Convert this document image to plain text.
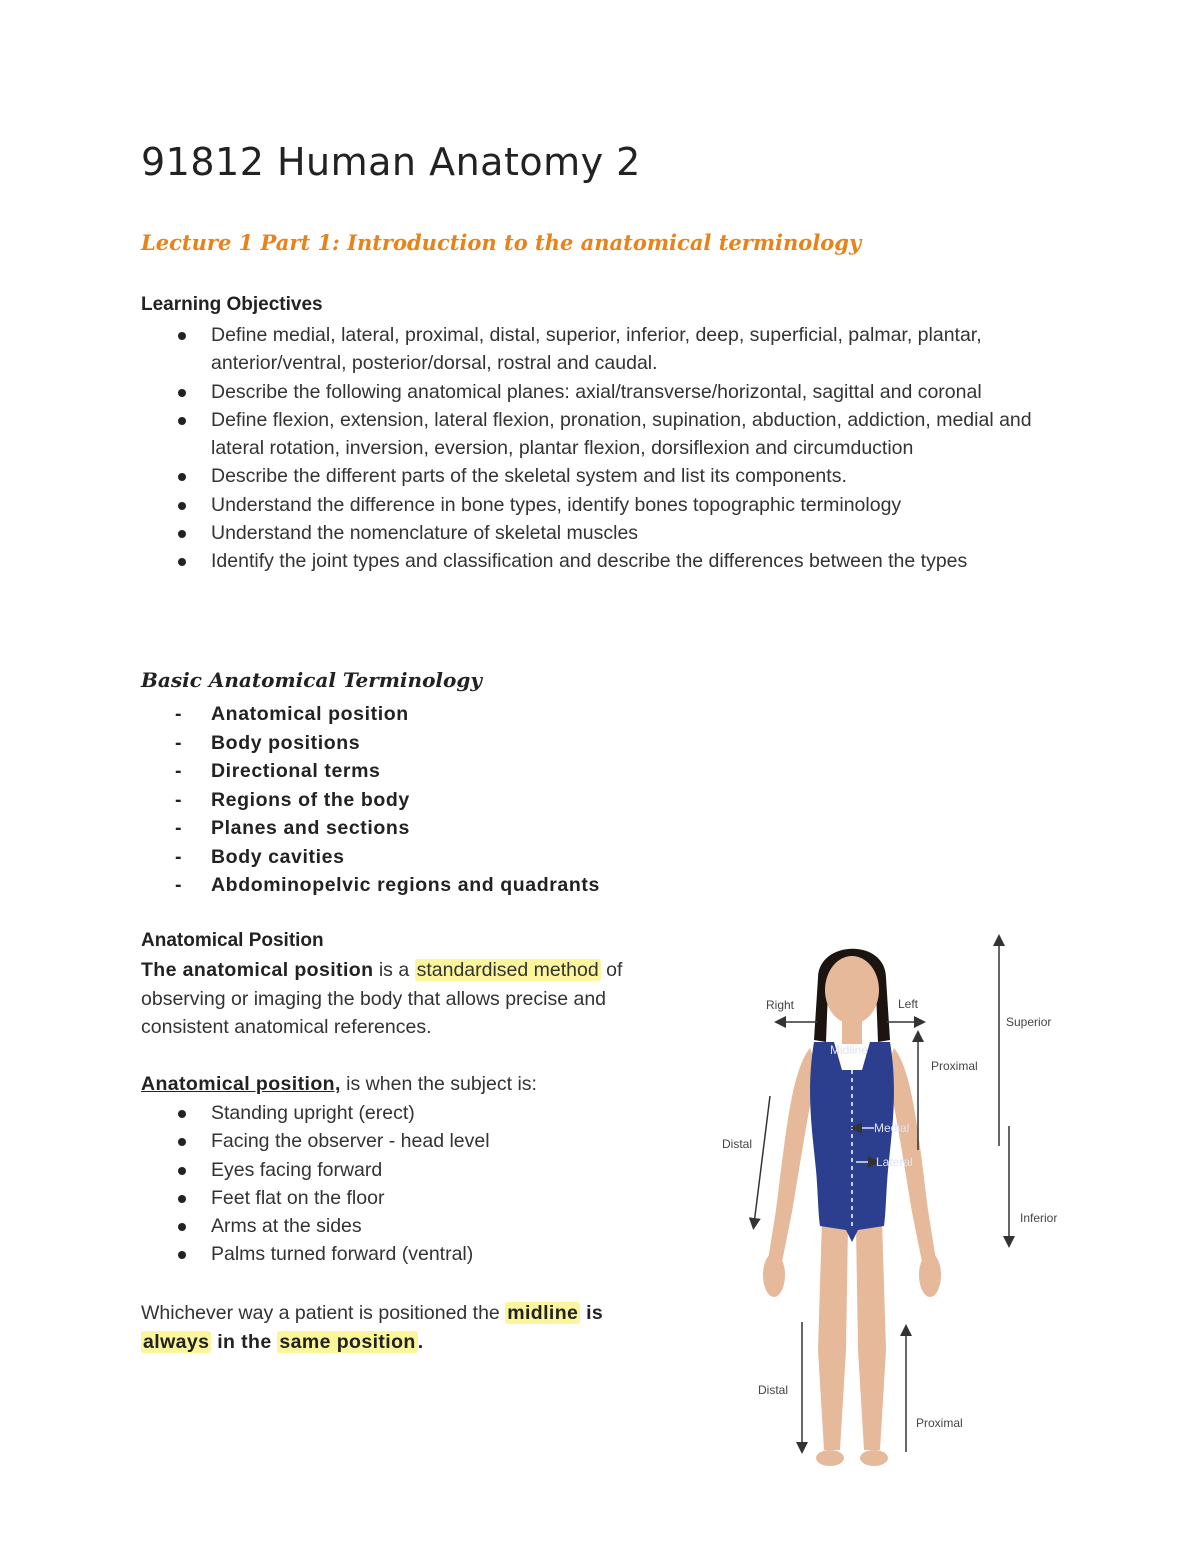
91812 Human Anatomy 2
Lecture 1 Part 1: Introduction to the anatomical terminology

Learning Objectives

Define medial, lateral, proximal, distal, superior, inferior, deep, superficial, palmar, plantar, anterior/ventral, posterior/dorsal, rostral and caudal.
Describe the following anatomical planes: axial/transverse/horizontal, sagittal and coronal
Define flexion, extension, lateral flexion, pronation, supination, abduction, addiction, medial and lateral rotation, inversion, eversion, plantar flexion, dorsiflexion and circumduction
Describe the different parts of the skeletal system and list its components.
Understand the difference in bone types, identify bones topographic terminology
Understand the nomenclature of skeletal muscles
Identify the joint types and classification and describe the differences between the types
Basic Anatomical Terminology
- Anatomical position
- Body positions
- Directional terms
- Regions of the body
- Planes and sections
- Body cavities
- Abdominopelvic regions and quadrants

Anatomical Position

The anatomical position is a standardised method of observing or imaging the body that allows precise and consistent anatomical references.

Anatomical position, is when the subject is:

Standing upright (erect)
Facing the observer - head level
Eyes facing forward
Feet flat on the floor
Arms at the sides
Palms turned forward (ventral)

Whichever way a patient is positioned the midline is
always in the same position .

Right	Left
Midline
Proximal
Distal
Medial
Lateral
Superior
Inferior
Distal
Proximal
